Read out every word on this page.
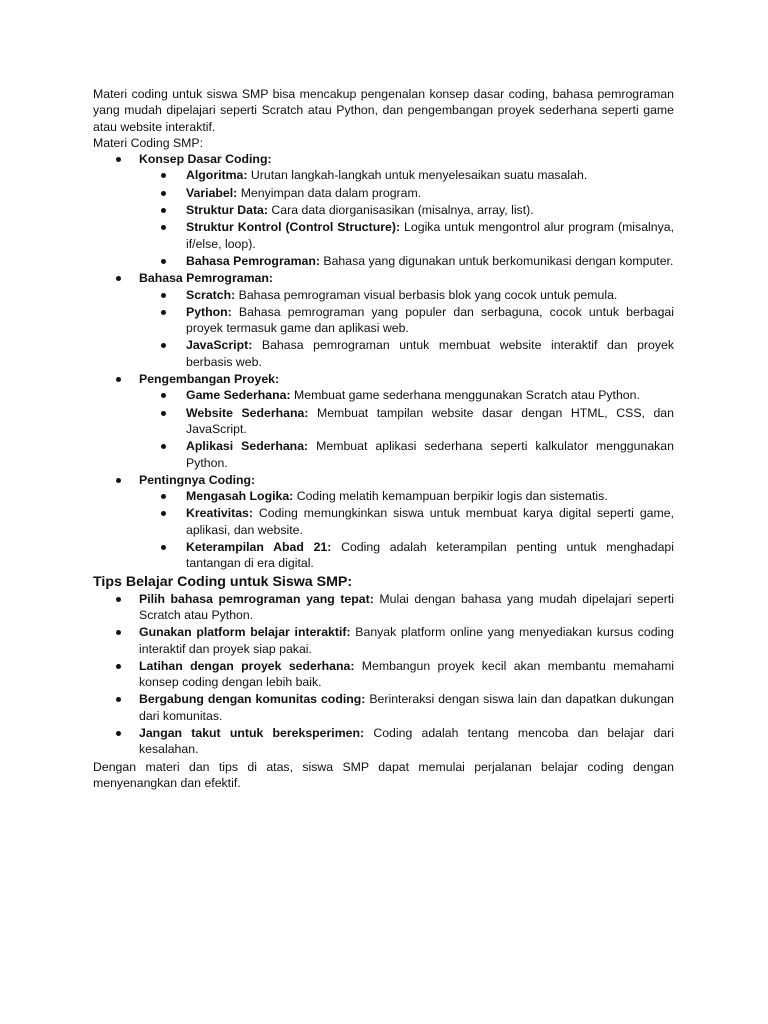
Materi coding untuk siswa SMP bisa mencakup pengenalan konsep dasar coding, bahasa pemrograman yang mudah dipelajari seperti Scratch atau Python, dan pengembangan proyek sederhana seperti game atau website interaktif.

Materi Coding SMP:

Konsep Dasar Coding:
Algoritma: Urutan langkah-langkah untuk menyelesaikan suatu masalah.
Variabel: Menyimpan data dalam program.
Struktur Data: Cara data diorganisasikan (misalnya, array, list).
Struktur Kontrol (Control Structure): Logika untuk mengontrol alur program (misalnya, if/else, loop).
Bahasa Pemrograman: Bahasa yang digunakan untuk berkomunikasi dengan komputer.
Bahasa Pemrograman:
Scratch: Bahasa pemrograman visual berbasis blok yang cocok untuk pemula.
Python: Bahasa pemrograman yang populer dan serbaguna, cocok untuk berbagai proyek termasuk game dan aplikasi web.
JavaScript: Bahasa pemrograman untuk membuat website interaktif dan proyek berbasis web.
Pengembangan Proyek:
Game Sederhana: Membuat game sederhana menggunakan Scratch atau Python.
Website Sederhana: Membuat tampilan website dasar dengan HTML, CSS, dan JavaScript.
Aplikasi Sederhana: Membuat aplikasi sederhana seperti kalkulator menggunakan Python.
Pentingnya Coding:
Mengasah Logika: Coding melatih kemampuan berpikir logis dan sistematis.
Kreativitas: Coding memungkinkan siswa untuk membuat karya digital seperti game, aplikasi, dan website.
Keterampilan Abad 21: Coding adalah keterampilan penting untuk menghadapi tantangan di era digital.

Tips Belajar Coding untuk Siswa SMP:

Pilih bahasa pemrograman yang tepat: Mulai dengan bahasa yang mudah dipelajari seperti Scratch atau Python.
Gunakan platform belajar interaktif: Banyak platform online yang menyediakan kursus coding interaktif dan proyek siap pakai.
Latihan dengan proyek sederhana: Membangun proyek kecil akan membantu memahami konsep coding dengan lebih baik.
Bergabung dengan komunitas coding: Berinteraksi dengan siswa lain dan dapatkan dukungan dari komunitas.
Jangan takut untuk bereksperimen: Coding adalah tentang mencoba dan belajar dari kesalahan.

Dengan materi dan tips di atas, siswa SMP dapat memulai perjalanan belajar coding dengan menyenangkan dan efektif.
